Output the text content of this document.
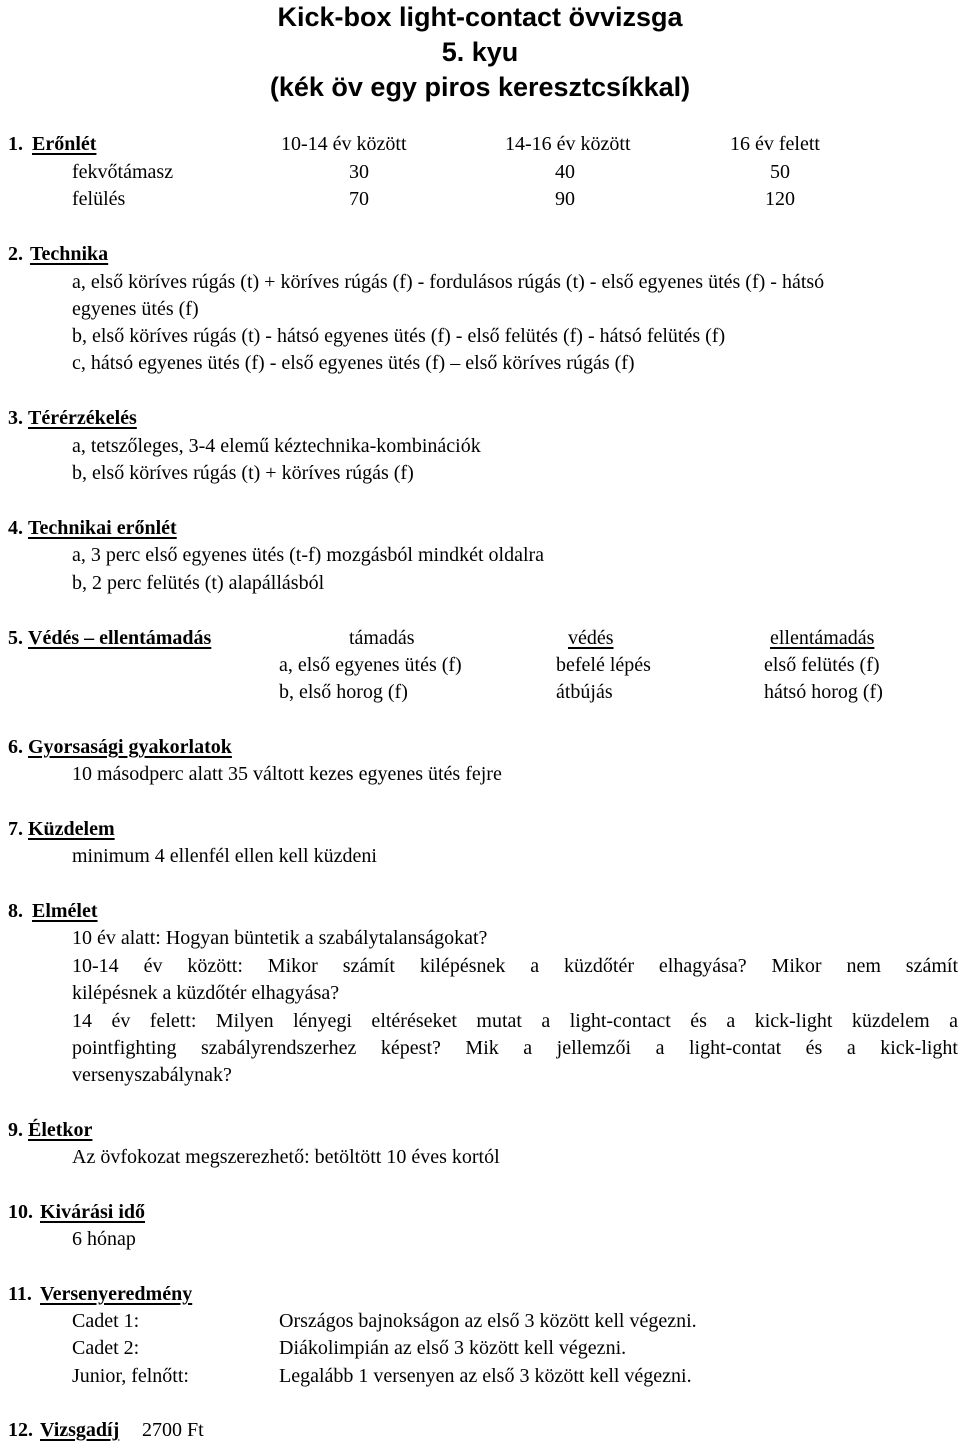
Kick-box light-contact övvizsga
5. kyu
(kék öv egy piros keresztcsíkkal)
1. Erőnlét	10-14 év között	14-16 év között	16 év felett
fekvőtámasz	30	40	50
felülés	70	90	120
2. Technika
a, első köríves rúgás (t) + köríves rúgás (f) - fordulásos rúgás (t) - első egyenes ütés (f) - hátsó
egyenes ütés (f)
b, első köríves rúgás (t) - hátsó egyenes ütés (f) - első felütés (f) - hátsó felütés (f)
c, hátsó egyenes ütés (f) - első egyenes ütés (f) – első köríves rúgás (f)
3. Térérzékelés
a, tetszőleges, 3-4 elemű kéztechnika-kombinációk
b, első köríves rúgás (t) + köríves rúgás (f)
4. Technikai erőnlét
a, 3 perc első egyenes ütés (t-f) mozgásból mindkét oldalra
b, 2 perc felütés (t) alapállásból
5. Védés – ellentámadás	támadás	védés	ellentámadás
a, első egyenes ütés (f)	befelé lépés	első felütés (f)
b, első horog (f)	átbújás	hátsó horog (f)
6. Gyorsasági gyakorlatok
10 másodperc alatt 35 váltott kezes egyenes ütés fejre
7. Küzdelem
minimum 4 ellenfél ellen kell küzdeni
8. Elmélet
10 év alatt: Hogyan büntetik a szabálytalanságokat?
10-14 év között: Mikor számít kilépésnek a küzdőtér elhagyása? Mikor nem számít
kilépésnek a küzdőtér elhagyása?
14 év felett: Milyen lényegi eltéréseket mutat a light-contact és a kick-light küzdelem a
pointfighting szabályrendszerhez képest? Mik a jellemzői a light-contat és a kick-light
versenyszabálynak?
9. Életkor
Az övfokozat megszerezhető: betöltött 10 éves kortól
10. Kivárási idő
6 hónap
11. Versenyeredmény
Cadet 1:	Országos bajnokságon az első 3 között kell végezni.
Cadet 2:	Diákolimpián az első 3 között kell végezni.
Junior, felnőtt:	Legalább 1 versenyen az első 3 között kell végezni.
12. Vizsgadíj 2700 Ft
